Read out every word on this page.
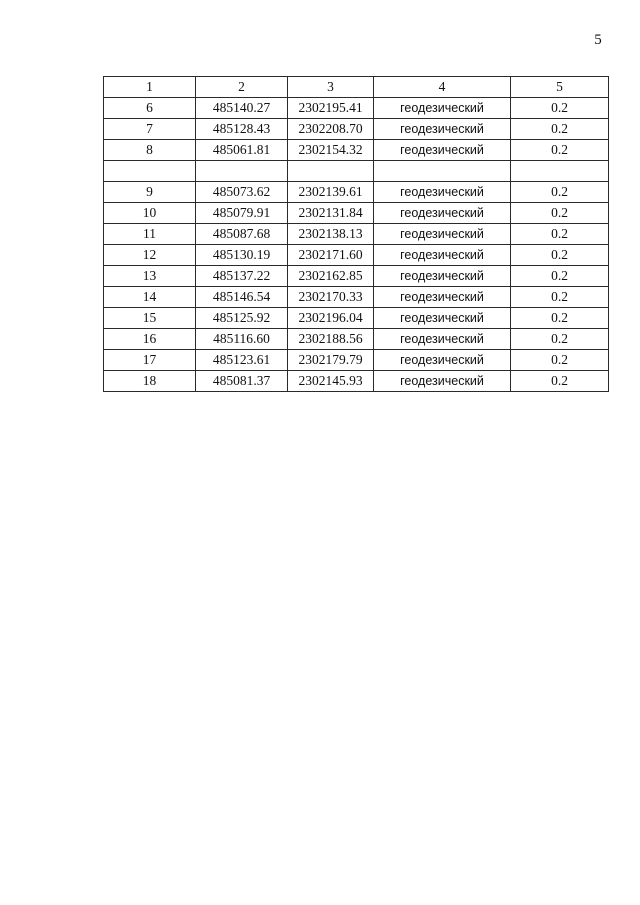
5
1	2	3	4	5
6	485140.27	2302195.41	геодезический	0.2
7	485128.43	2302208.70	геодезический	0.2
8	485061.81	2302154.32	геодезический	0.2

9	485073.62	2302139.61	геодезический	0.2
10	485079.91	2302131.84	геодезический	0.2
11	485087.68	2302138.13	геодезический	0.2
12	485130.19	2302171.60	геодезический	0.2
13	485137.22	2302162.85	геодезический	0.2
14	485146.54	2302170.33	геодезический	0.2
15	485125.92	2302196.04	геодезический	0.2
16	485116.60	2302188.56	геодезический	0.2
17	485123.61	2302179.79	геодезический	0.2
18	485081.37	2302145.93	геодезический	0.2
